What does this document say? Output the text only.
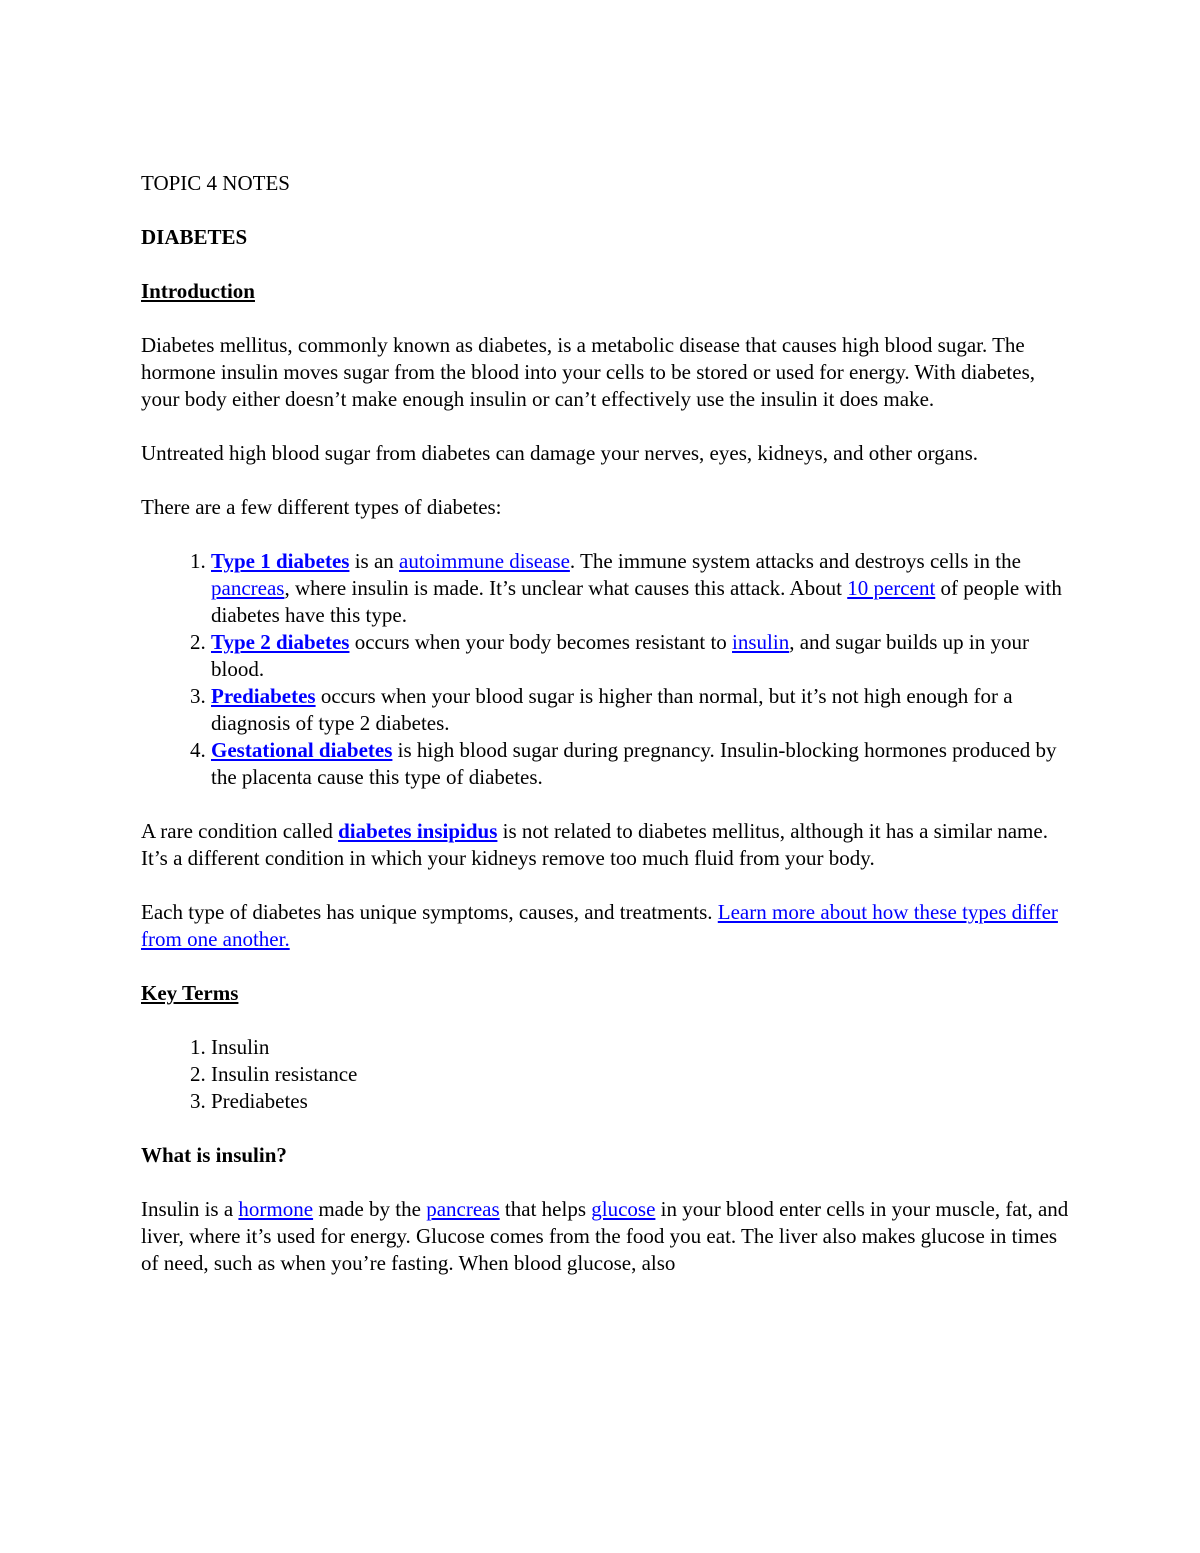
TOPIC 4 NOTES

DIABETES

Introduction

Diabetes mellitus, commonly known as diabetes, is a metabolic disease that causes high blood sugar. The hormone insulin moves sugar from the blood into your cells to be stored or used for energy. With diabetes, your body either doesn’t make enough insulin or can’t effectively use the insulin it does make.

Untreated high blood sugar from diabetes can damage your nerves, eyes, kidneys, and other organs.

There are a few different types of diabetes:

1. Type 1 diabetes is an autoimmune disease. The immune system attacks and destroys cells in the pancreas, where insulin is made. It’s unclear what causes this attack. About 10 percent of people with diabetes have this type.
2. Type 2 diabetes occurs when your body becomes resistant to insulin, and sugar builds up in your blood.
3. Prediabetes occurs when your blood sugar is higher than normal, but it’s not high enough for a diagnosis of type 2 diabetes.
4. Gestational diabetes is high blood sugar during pregnancy. Insulin-blocking hormones produced by the placenta cause this type of diabetes.

A rare condition called diabetes insipidus is not related to diabetes mellitus, although it has a similar name. It’s a different condition in which your kidneys remove too much fluid from your body.

Each type of diabetes has unique symptoms, causes, and treatments. Learn more about how these types differ from one another.

Key Terms

1. Insulin
2. Insulin resistance
3. Prediabetes

What is insulin?

Insulin is a hormone made by the pancreas that helps glucose in your blood enter cells in your muscle, fat, and liver, where it’s used for energy. Glucose comes from the food you eat. The liver also makes glucose in times of need, such as when you’re fasting. When blood glucose, also
